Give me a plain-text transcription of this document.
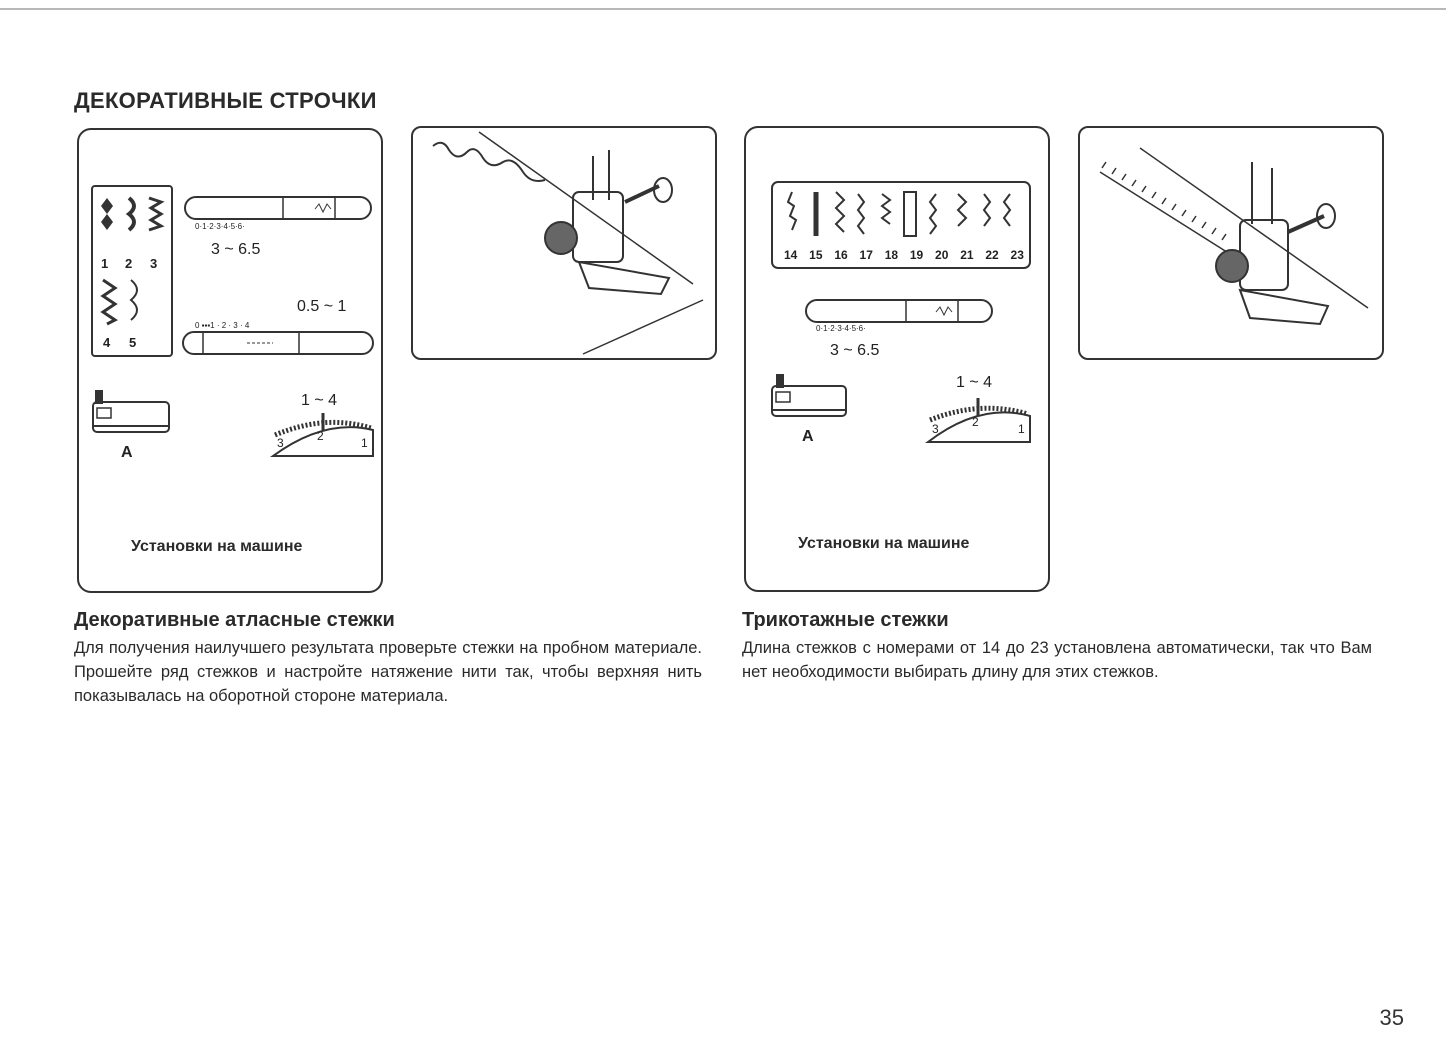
ДЕКОРАТИВНЫЕ СТРОЧКИ
1 2 3
4 5
0·1·2·3·4·5·6·
3 ~ 6.5
0.5 ~ 1
0 ▪▪▪1 · 2 · 3 · 4
A
1 ~ 4
3	2	1
Установки на машине
14 15 16 17 18 19 20 21 22 23
0·1·2·3·4·5·6·
3 ~ 6.5
A
1 ~ 4
3	2	1
Установки на машине
Декоративные атласные стежки
Для получения наилучшего результата проверьте стежки на пробном материале. Прошейте ряд стежков и настройте натяжение нити так, чтобы верхняя нить показывалась на оборотной стороне материала.
Трикотажные стежки
Длина стежков с номерами от 14 до 23 установлена автоматически, так что Вам нет необходимости выбирать длину для этих стежков.
35
